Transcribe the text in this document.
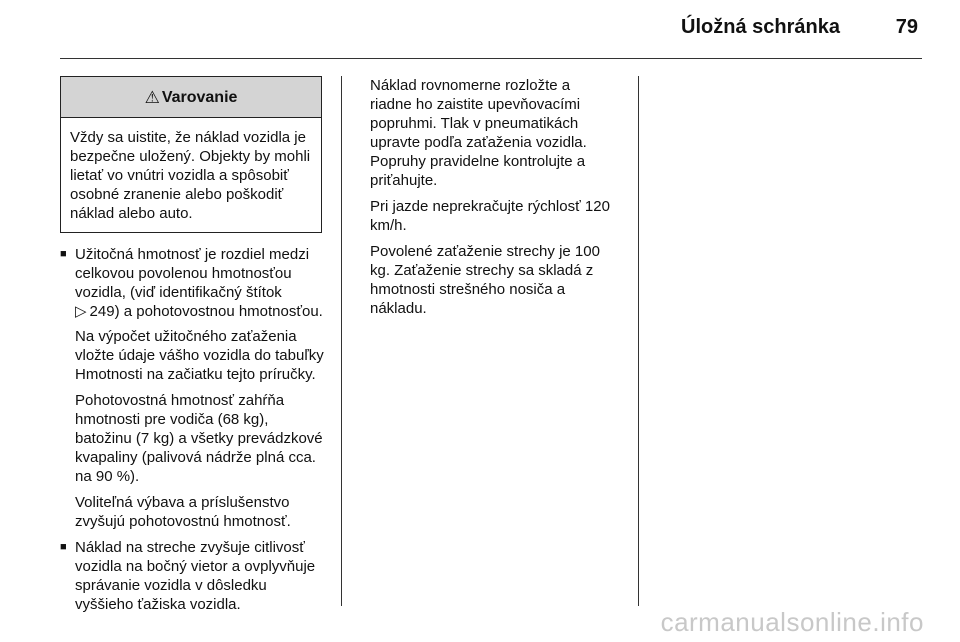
Úložná schránka	79
⚠ Varovanie
Vždy sa uistite, že náklad vozidla je bezpečne uložený. Objekty by mohli lietať vo vnútri vozidla a spôsobiť osobné zranenie alebo poškodiť náklad alebo auto.
■ Užitočná hmotnosť je rozdiel medzi celkovou povolenou hmotnosťou vozidla, (viď identifikačný štítok
▷ 249) a pohotovostnou hmotnosťou.

Na výpočet užitočného zaťaženia vložte údaje vášho vozidla do tabuľky Hmotnosti na začiatku tejto príručky.

Pohotovostná hmotnosť zahŕňa hmotnosti pre vodiča (68 kg), batožinu (7 kg) a všetky prevádzkové kvapaliny (palivová nádrže plná cca. na 90 %).

Voliteľná výbava a príslušenstvo zvyšujú pohotovostnú hmotnosť.

■ Náklad na streche zvyšuje citlivosť vozidla na bočný vietor a ovplyvňuje správanie vozidla v dôsledku vyššieho ťažiska vozidla.

Náklad rovnomerne rozložte a riadne ho zaistite upevňovacími popruhmi. Tlak v pneumatikách upravte podľa zaťaženia vozidla. Popruhy pravidelne kontrolujte a priťahujte.

Pri jazde neprekračujte rýchlosť 120 km/h.

Povolené zaťaženie strechy je 100 kg. Zaťaženie strechy sa skladá z hmotnosti strešného nosiča a nákladu.

carmanualsonline.info
